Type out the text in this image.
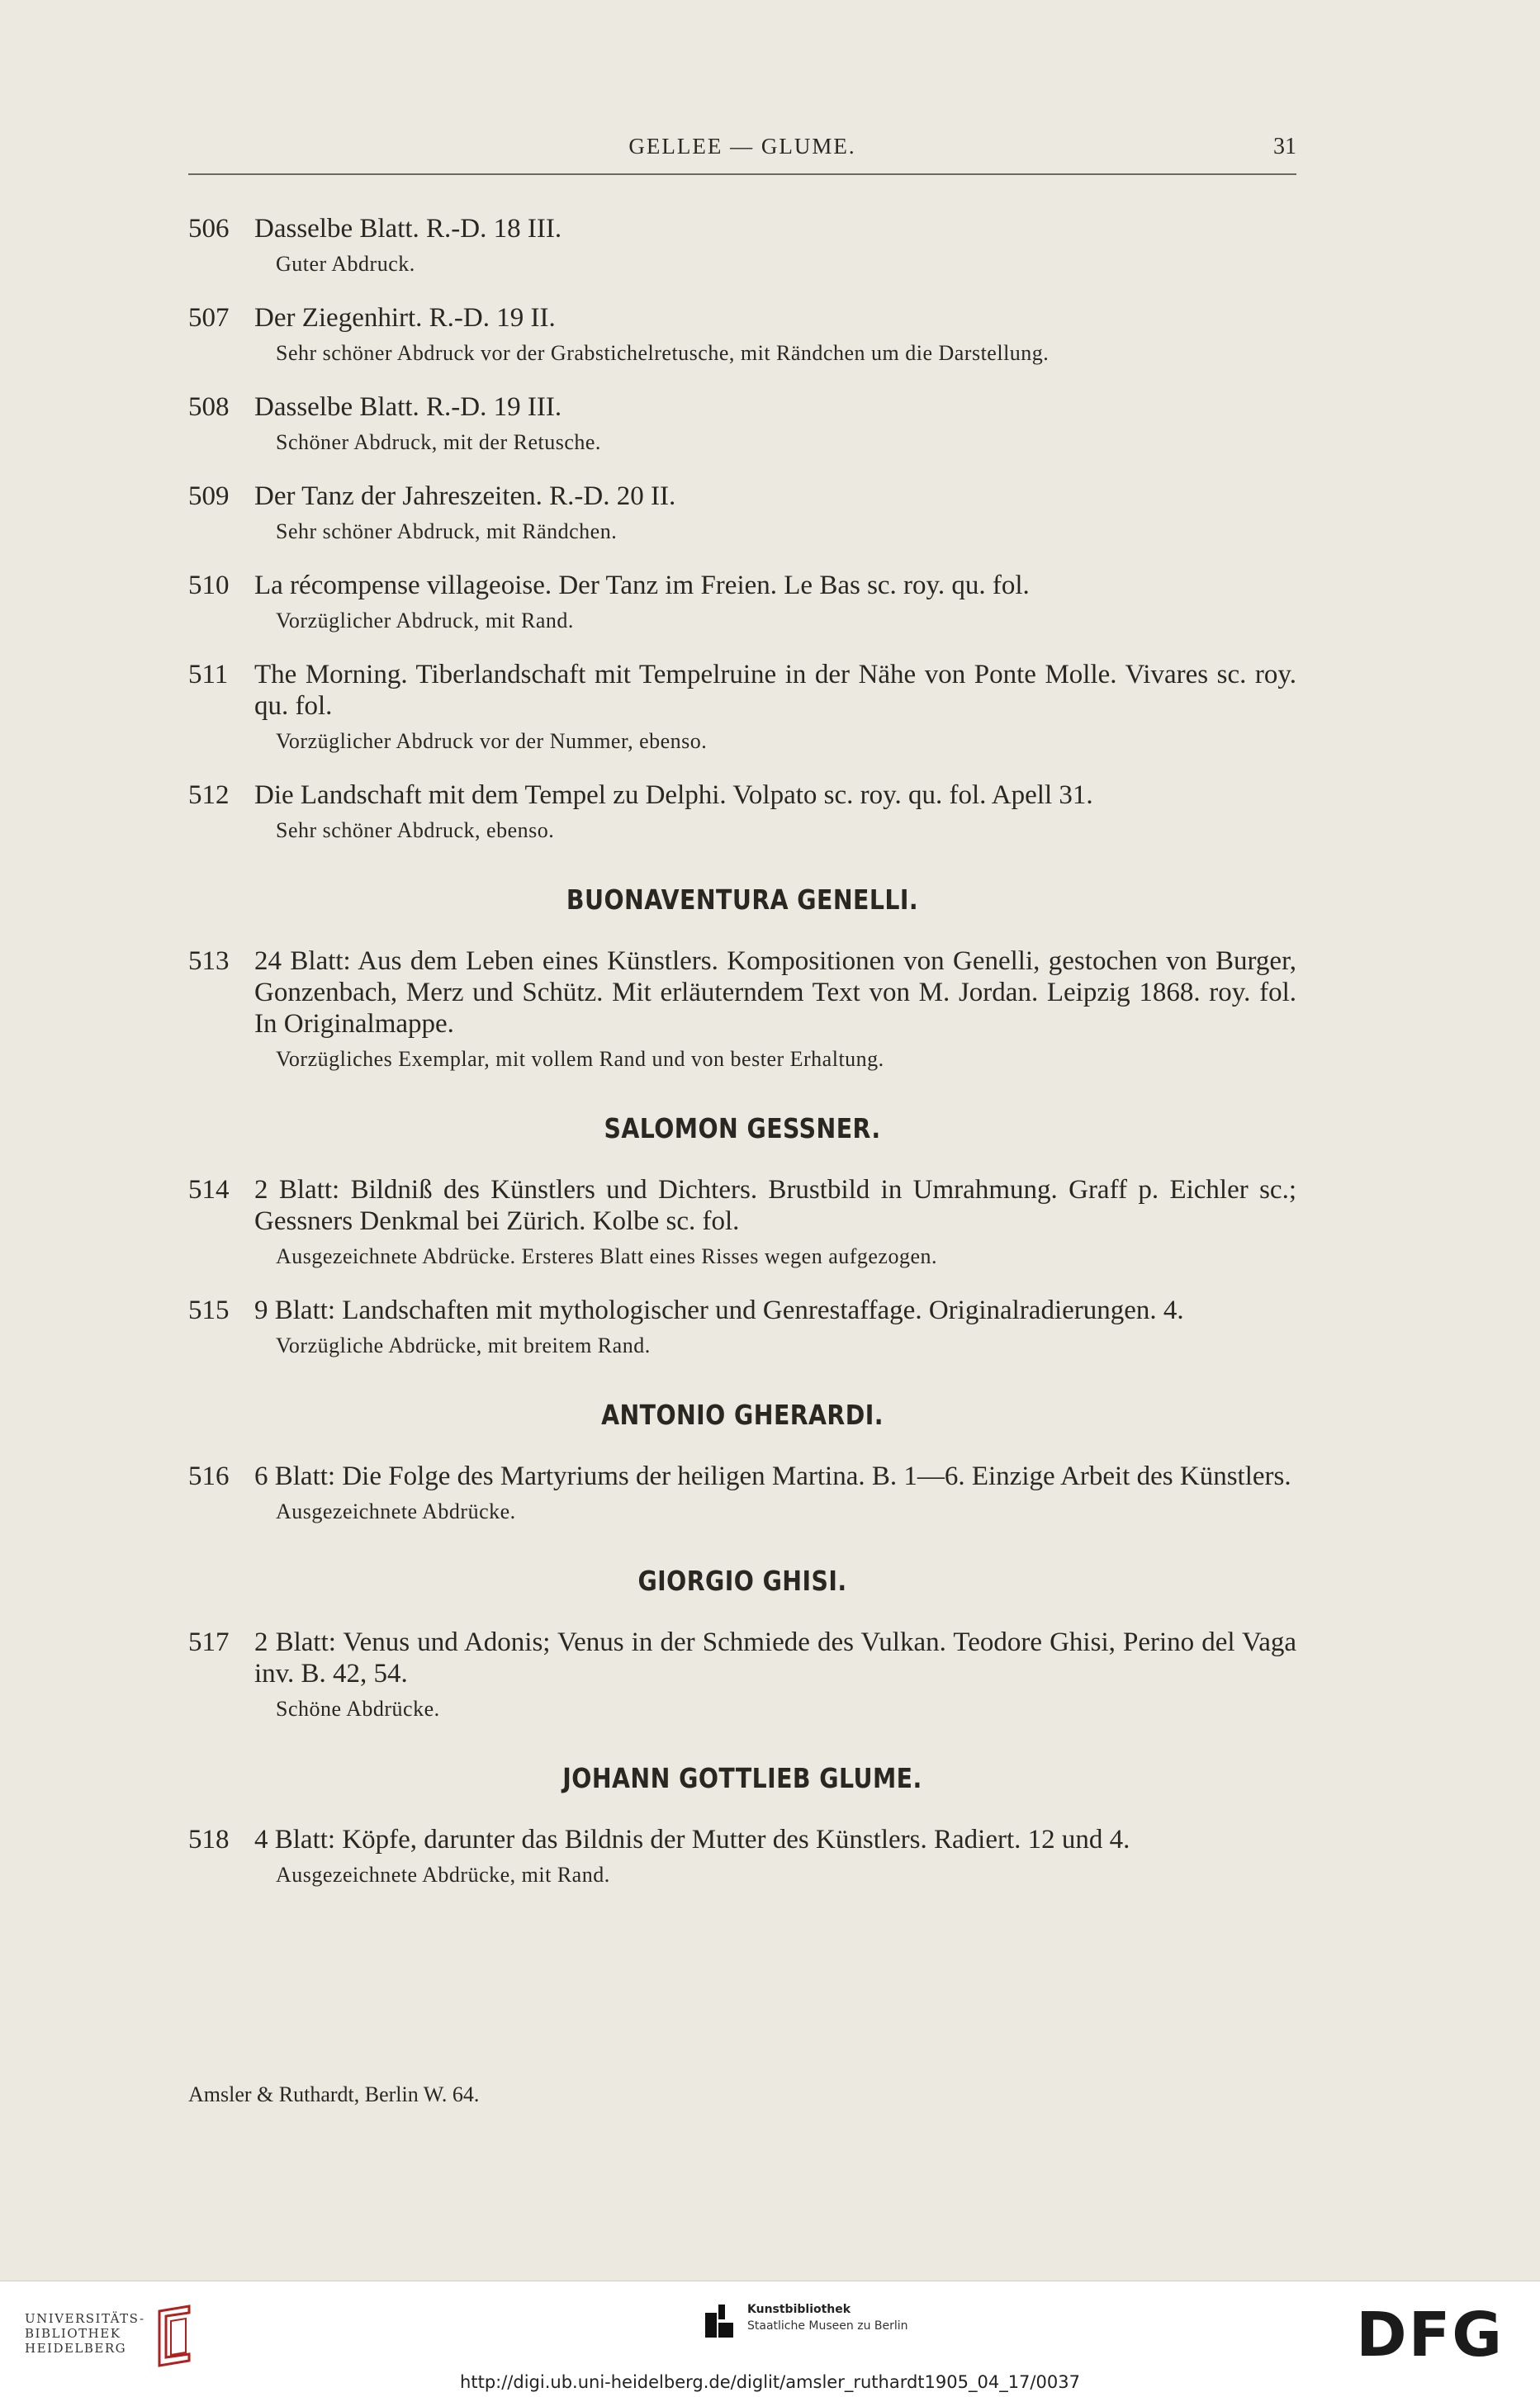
GELLEE — GLUME.	31
506 Dasselbe Blatt. R.-D. 18 III.
Guter Abdruck.
507 Der Ziegenhirt. R.-D. 19 II.
Sehr schöner Abdruck vor der Grabstichelretusche, mit Rändchen um die Darstellung.
508 Dasselbe Blatt. R.-D. 19 III.
Schöner Abdruck, mit der Retusche.
509 Der Tanz der Jahreszeiten. R.-D. 20 II.
Sehr schöner Abdruck, mit Rändchen.
510 La récompense villageoise. Der Tanz im Freien. Le Bas sc. roy. qu. fol.
Vorzüglicher Abdruck, mit Rand.
511 The Morning. Tiberlandschaft mit Tempelruine in der Nähe von Ponte Molle. Vivares sc. roy. qu. fol.
Vorzüglicher Abdruck vor der Nummer, ebenso.
512 Die Landschaft mit dem Tempel zu Delphi. Volpato sc. roy. qu. fol. Apell 31.
Sehr schöner Abdruck, ebenso.
BUONAVENTURA GENELLI.
513 24 Blatt: Aus dem Leben eines Künstlers. Kompositionen von Genelli, gestochen von Burger, Gonzenbach, Merz und Schütz. Mit erläuterndem Text von M. Jordan. Leipzig 1868. roy. fol. In Originalmappe.
Vorzügliches Exemplar, mit vollem Rand und von bester Erhaltung.
SALOMON GESSNER.
514 2 Blatt: Bildniß des Künstlers und Dichters. Brustbild in Umrahmung. Graff p. Eichler sc.; Gessners Denkmal bei Zürich. Kolbe sc. fol.
Ausgezeichnete Abdrücke. Ersteres Blatt eines Risses wegen aufgezogen.
515 9 Blatt: Landschaften mit mythologischer und Genrestaffage. Originalradierungen. 4.
Vorzügliche Abdrücke, mit breitem Rand.
ANTONIO GHERARDI.
516 6 Blatt: Die Folge des Martyriums der heiligen Martina. B. 1—6. Einzige Arbeit des Künstlers.
Ausgezeichnete Abdrücke.
GIORGIO GHISI.
517 2 Blatt: Venus und Adonis; Venus in der Schmiede des Vulkan. Teodore Ghisi, Perino del Vaga inv. B. 42, 54.
Schöne Abdrücke.
JOHANN GOTTLIEB GLUME.
518 4 Blatt: Köpfe, darunter das Bildnis der Mutter des Künstlers. Radiert. 12 und 4.
Ausgezeichnete Abdrücke, mit Rand.
Amsler & Ruthardt, Berlin W. 64.
UNIVERSITÄTS-
BIBLIOTHEK
HEIDELBERG
Kunstbibliothek
Staatliche Museen zu Berlin	DFG
http://digi.ub.uni-heidelberg.de/diglit/amsler_ruthardt1905_04_17/0037
